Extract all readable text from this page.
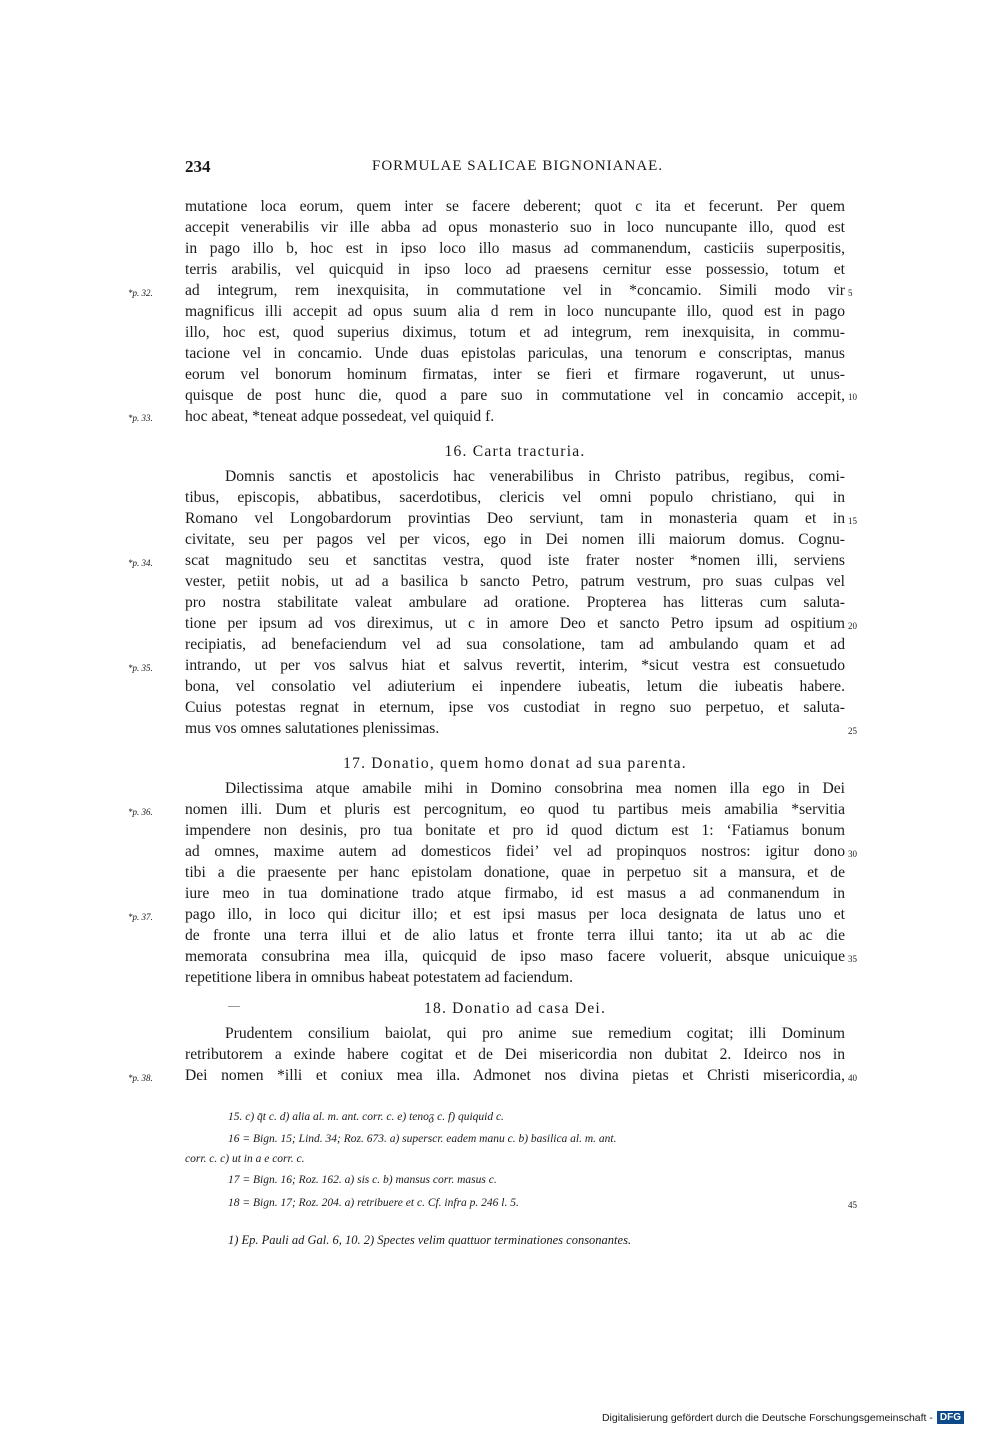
234	FORMULAE SALICAE BIGNONIANAE.
mutatione loca eorum, quem inter se facere deberent; quot c ita et fecerunt. Per quem
accepit venerabilis vir ille abba ad opus monasterio suo in loco nuncupante illo, quod est
in pago illo b, hoc est in ipso loco illo masus ad commanendum, casticiis superpositis,
terris arabilis, vel quicquid in ipso loco ad praesens cernitur esse possessio, totum et
ad integrum, rem inexquisita, in commutatione vel in *concamio. Simili modo vir
magnificus illi accepit ad opus suum alia d rem in loco nuncupante illo, quod est in pago
illo, hoc est, quod superius diximus, totum et ad integrum, rem inexquisita, in commu-
tacione vel in concamio. Unde duas epistolas pariculas, una tenorum e conscriptas, manus
eorum vel bonorum hominum firmatas, inter se fieri et firmare rogaverunt, ut unus-
quisque de post hunc die, quod a pare suo in commutatione vel in concamio accepit,
hoc abeat, *teneat adque possedeat, vel quiquid f.
16. Carta tracturia.
Domnis sanctis et apostolicis hac venerabilibus in Christo patribus, regibus, comi-
tibus, episcopis, abbatibus, sacerdotibus, clericis vel omni populo christiano, qui in
Romano vel Longobardorum provintias Deo serviunt, tam in monasteria quam et in
civitate, seu per pagos vel per vicos, ego in Dei nomen illi maiorum domus. Cognu-
scat magnitudo seu et sanctitas vestra, quod iste frater noster *nomen illi, serviens
vester, petiit nobis, ut ad a basilica b sancto Petro, patrum vestrum, pro suas culpas vel
pro nostra stabilitate valeat ambulare ad oratione. Propterea has litteras cum saluta-
tione per ipsum ad vos direximus, ut c in amore Deo et sancto Petro ipsum ad ospitium
recipiatis, ad benefaciendum vel ad sua consolatione, tam ad ambulando quam et ad
intrando, ut per vos salvus hiat et salvus revertit, interim, *sicut vestra est consuetudo
bona, vel consolatio vel adiuterium ei inpendere iubeatis, letum die iubeatis habere.
Cuius potestas regnat in eternum, ipse vos custodiat in regno suo perpetuo, et saluta-
mus vos omnes salutationes plenissimas.
17. Donatio, quem homo donat ad sua parenta.
Dilectissima atque amabile mihi in Domino consobrina mea nomen illa ego in Dei
nomen illi. Dum et pluris est percognitum, eo quod tu partibus meis amabilia *servitia
impendere non desinis, pro tua bonitate et pro id quod dictum est 1: ‘Fatiamus bonum
ad omnes, maxime autem ad domesticos fidei’ vel ad propinquos nostros: igitur dono
tibi a die praesente per hanc epistolam donatione, quae in perpetuo sit a mansura, et de
iure meo in tua dominatione trado atque firmabo, id est masus a ad conmanendum in
pago illo, in loco qui dicitur illo; et est ipsi masus per loca designata de latus uno et
de fronte una terra illui et de alio latus et fronte terra illui tanto; ita ut ab ac die
memorata consubrina mea illa, quicquid de ipso maso facere voluerit, absque unicuique
repetitione libera in omnibus habeat potestatem ad faciendum.
18. Donatio ad casa Dei.
Prudentem consilium baiolat, qui pro anime sue remedium cogitat; illi Dominum
retributorem a exinde habere cogitat et de Dei misericordia non dubitat 2. Ideirco nos in
Dei nomen *illi et coniux mea illa. Admonet nos divina pietas et Christi misericordia,
*p. 32.
*p. 33.
*p. 34.
*p. 35.
*p. 36.
*p. 37.
*p. 38.
5
10
15
20
25
30
35
40
45
15. c) q̄t c. d) alia al. m. ant. corr. c. e) tenoᵹ c. f) quiquid c.
16 = Bign. 15; Lind. 34; Roz. 673. a) superscr. eadem manu c. b) basilica al. m. ant.
corr. c. c) ut in a e corr. c.
17 = Bign. 16; Roz. 162. a) sis c. b) mansus corr. masus c.
18 = Bign. 17; Roz. 204. a) retribuere et c. Cf. infra p. 246 l. 5.
1) Ep. Pauli ad Gal. 6, 10. 2) Spectes velim quattuor terminationes consonantes.
Digitalisierung gefördert durch die Deutsche Forschungsgemeinschaft - DFG
